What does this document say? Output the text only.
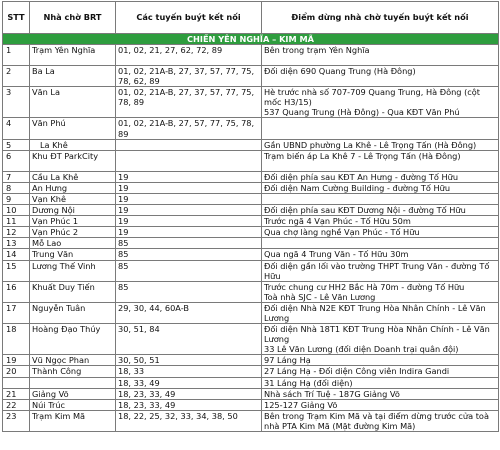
STT	Nhà chờ BRT	Các tuyến buýt kết nối	Điểm dừng nhà chờ tuyến buýt kết nối
CHIẾN YÊN NGHĨA – KIM MÃ			
1	Trạm Yên Nghĩa	01, 02, 21, 27, 62, 72, 89	Bên trong trạm Yên Nghĩa
2	Ba La	01, 02, 21A-B, 27, 37, 57, 77, 75, 78, 62, 89	Đối diện 690 Quang Trung (Hà Đông)
3	Văn La	01, 02, 21A-B, 27, 37, 57, 77, 75, 78, 89	Hè trước nhà số 707-709 Quang Trung, Hà Đông (cột mốc H3/15)
537 Quang Trung (Hà Đông) - Qua KĐT Văn Phú
4	Văn Phú	01, 02, 21A-B, 27, 57, 77, 75, 78, 89	
5	La Khê		Gần UBND phường La Khê - Lê Trọng Tấn (Hà Đông)
6	Khu ĐT ParkCity		Trạm biến áp La Khê 7 - Lê Trọng Tấn (Hà Đông)
7	Cầu La Khê	19	Đối diện phía sau KĐT An Hưng - đường Tố Hữu
8	An Hưng	19	Đối diện Nam Cường Building - đường Tố Hữu
9	Vạn Khê	19	
10	Dương Nội	19	Đối diện phía sau KĐT Dương Nội - đường Tố Hữu
11	Vạn Phúc 1	19	Trước ngã 4 Vạn Phúc - Tố Hữu 50m
12	Vạn Phúc 2	19	Qua chợ làng nghề Vạn Phúc - Tố Hữu
13	Mỗ Lao	85	
14	Trung Văn	85	Qua ngã 4 Trung Văn - Tố Hữu 30m
15	Lương Thế Vinh	85	Đối diện gần lối vào trường THPT Trung Văn - đường Tố Hữu
16	Khuất Duy Tiến	85	Trước chung cư HH2 Bắc Hà 70m - đường Tố Hữu
Toà nhà SJC - Lê Văn Lương
17	Nguyễn Tuân	29, 30, 44, 60A-B	Đối diện Nhà N2E KĐT Trung Hòa Nhân Chính - Lê Văn Lương
18	Hoàng Đạo Thúy	30, 51, 84	Đối diện Nhà 18T1 KĐT Trung Hòa Nhân Chính - Lê Văn Lương
33 Lê Văn Lương (đối diện Doanh trại quân đội)
19	Vũ Ngọc Phan	30, 50, 51	97 Láng Hạ
20	Thành Công	18, 33	27 Láng Hạ - Đối diện Công viên Indira Gandi
		18, 33, 49	31 Láng Hạ (đối diện)
21	Giảng Võ	18, 23, 33, 49	Nhà sách Trí Tuệ - 187G Giảng Võ
22	Núi Trúc	18, 23, 33, 49	125-127 Giảng Võ
23	Trạm Kim Mã	18, 22, 25, 32, 33, 34, 38, 50	Bên trong Trạm Kim Mã và tại điểm dừng trước cửa toà nhà PTA Kim Mã (Mặt đường Kim Mã)
